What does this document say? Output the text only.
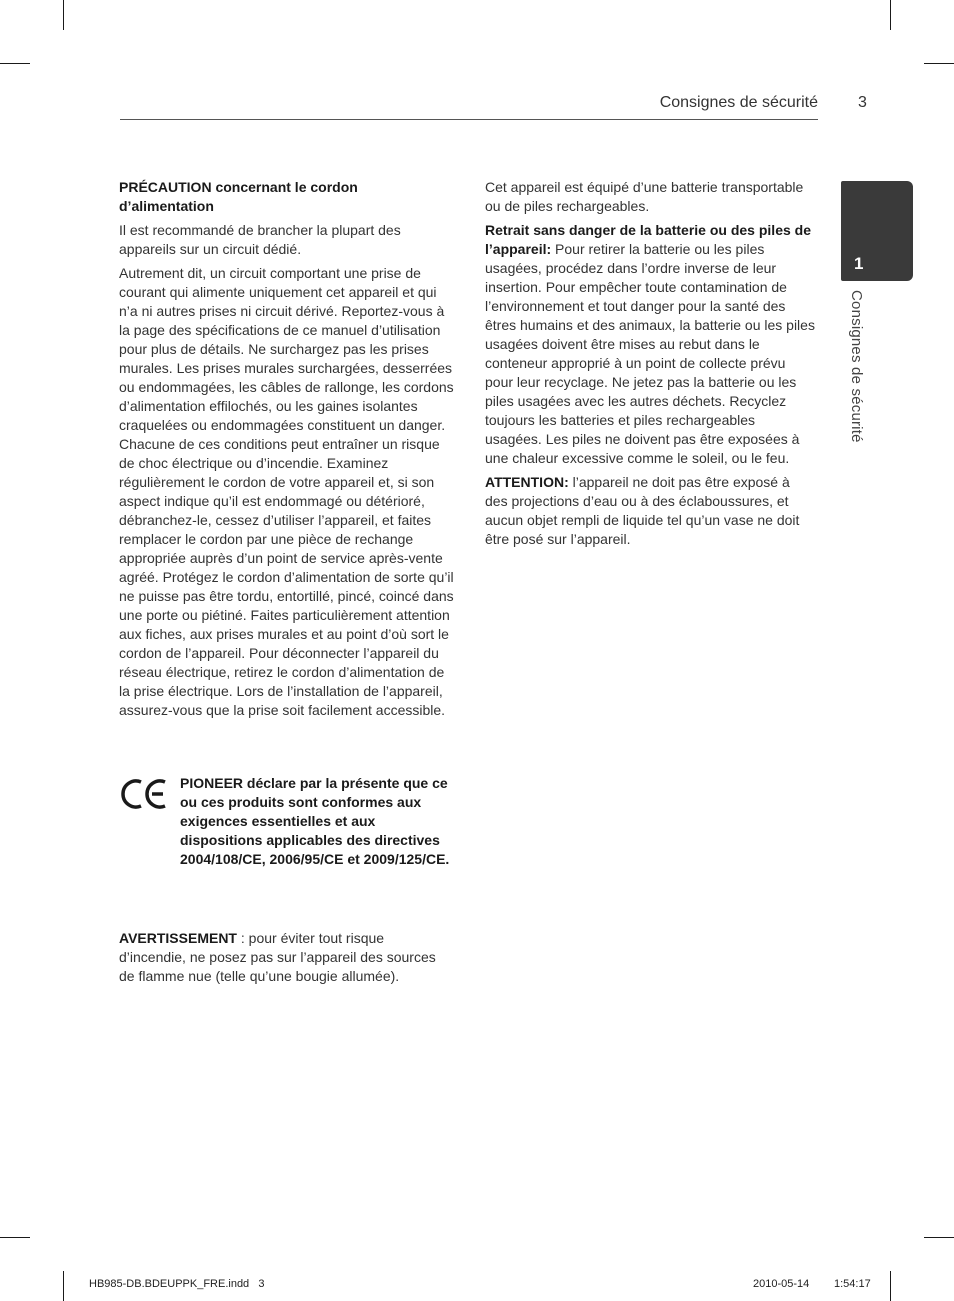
Consignes de sécurité	3
1
Consignes de sécurité

PRÉCAUTION concernant le cordon d’alimentation

Il est recommandé de brancher la plupart des appareils sur un circuit dédié.

Autrement dit, un circuit comportant une prise de courant qui alimente uniquement cet appareil et qui n’a ni autres prises ni circuit dérivé. Reportez-vous à la page des spécifications de ce manuel d’utilisation pour plus de détails. Ne surchargez pas les prises murales. Les prises murales surchargées, desserrées ou endommagées, les câbles de rallonge, les cordons d’alimentation effilochés, ou les gaines isolantes craquelées ou endommagées constituent un danger. Chacune de ces conditions peut entraîner un risque de choc électrique ou d’incendie. Examinez régulièrement le cordon de votre appareil et, si son aspect indique qu’il est endommagé ou détérioré, débranchez-le, cessez d’utiliser l’appareil, et faites remplacer le cordon par une pièce de rechange appropriée auprès d’un point de service après-vente agréé. Protégez le cordon d’alimentation de sorte qu’il ne puisse pas être tordu, entortillé, pincé, coincé dans une porte ou piétiné. Faites particulièrement attention aux fiches, aux prises murales et au point d’où sort le cordon de l’appareil. Pour déconnecter l’appareil du réseau électrique, retirez le cordon d’alimentation de la prise électrique. Lors de l’installation de l’appareil, assurez-vous que la prise soit facilement accessible.

PIONEER déclare par la présente que ce ou ces produits sont conformes aux exigences essentielles et aux dispositions applicables des directives 2004/108/CE, 2006/95/CE et 2009/125/CE.
AVERTISSEMENT : pour éviter tout risque d’incendie, ne posez pas sur l’appareil des sources de flamme nue (telle qu’une bougie allumée).

Cet appareil est équipé d’une batterie transportable ou de piles rechargeables.

Retrait sans danger de la batterie ou des piles de l’appareil: Pour retirer la batterie ou les piles usagées, procédez dans l’ordre inverse de leur insertion. Pour empêcher toute contamination de l’environnement et tout danger pour la santé des êtres humains et des animaux, la batterie ou les piles usagées doivent être mises au rebut dans le conteneur approprié à un point de collecte prévu pour leur recyclage. Ne jetez pas la batterie ou les piles usagées avec les autres déchets. Recyclez toujours les batteries et piles rechargeables usagées. Les piles ne doivent pas être exposées à une chaleur excessive comme le soleil, ou le feu.

ATTENTION: l’appareil ne doit pas être exposé à des projections d’eau ou à des éclaboussures, et aucun objet rempli de liquide tel qu’un vase ne doit être posé sur l’appareil.

HB985-DB.BDEUPPK_FRE.indd   3	2010-05-14 1:54:17
